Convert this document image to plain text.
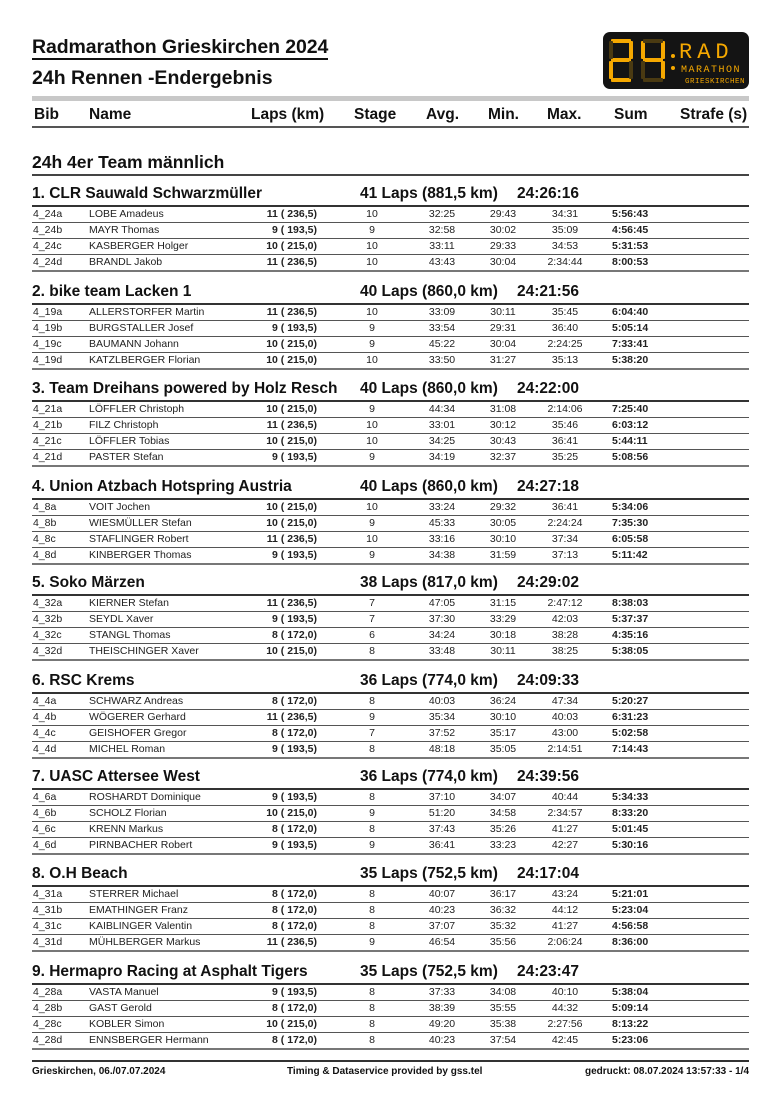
Radmarathon Grieskirchen 2024
24h Rennen -Endergebnis
RAD
MARATHON
GRIESKIRCHEN
Bib Name	Laps (km) Stage Avg. Min. Max. Sum Strafe (s)
24h 4er Team männlich
1. CLR Sauwald Schwarzmüller	41 Laps (881,5 km) 24:26:16
4_24a	LOBE Amadeus	11 ( 236,5)	10	32:25	29:43	34:31	5:56:43
4_24b	MAYR Thomas	9 ( 193,5)	9	32:58	30:02	35:09	4:56:45
4_24c	KASBERGER Holger	10 ( 215,0)	10	33:11	29:33	34:53	5:31:53
4_24d	BRANDL Jakob	11 ( 236,5)	10	43:43	30:04	2:34:44	8:00:53
2. bike team Lacken 1	40 Laps (860,0 km) 24:21:56
4_19a	ALLERSTORFER Martin	11 ( 236,5)	10	33:09	30:11	35:45	6:04:40
4_19b	BURGSTALLER Josef	9 ( 193,5)	9	33:54	29:31	36:40	5:05:14
4_19c	BAUMANN Johann	10 ( 215,0)	9	45:22	30:04	2:24:25	7:33:41
4_19d	KATZLBERGER Florian	10 ( 215,0)	10	33:50	31:27	35:13	5:38:20
3. Team Dreihans powered by Holz Resch 40 Laps (860,0 km) 24:22:00
4_21a	LÖFFLER Christoph	10 ( 215,0)	9	44:34	31:08	2:14:06	7:25:40
4_21b	FILZ Christoph	11 ( 236,5)	10	33:01	30:12	35:46	6:03:12
4_21c	LÖFFLER Tobias	10 ( 215,0)	10	34:25	30:43	36:41	5:44:11
4_21d	PASTER Stefan	9 ( 193,5)	9	34:19	32:37	35:25	5:08:56
4. Union Atzbach Hotspring Austria	40 Laps (860,0 km) 24:27:18
4_8a	VOIT Jochen	10 ( 215,0)	10	33:24	29:32	36:41	5:34:06
4_8b	WIESMÜLLER Stefan	10 ( 215,0)	9	45:33	30:05	2:24:24	7:35:30
4_8c	STAFLINGER Robert	11 ( 236,5)	10	33:16	30:10	37:34	6:05:58
4_8d	KINBERGER Thomas	9 ( 193,5)	9	34:38	31:59	37:13	5:11:42
5. Soko Märzen	38 Laps (817,0 km) 24:29:02
4_32a	KIERNER Stefan	11 ( 236,5)	7	47:05	31:15	2:47:12	8:38:03
4_32b	SEYDL Xaver	9 ( 193,5)	7	37:30	33:29	42:03	5:37:37
4_32c	STANGL Thomas	8 ( 172,0)	6	34:24	30:18	38:28	4:35:16
4_32d	THEISCHINGER Xaver	10 ( 215,0)	8	33:48	30:11	38:25	5:38:05
6. RSC Krems	36 Laps (774,0 km) 24:09:33
4_4a	SCHWARZ Andreas	8 ( 172,0)	8	40:03	36:24	47:34	5:20:27
4_4b	WÖGERER Gerhard	11 ( 236,5)	9	35:34	30:10	40:03	6:31:23
4_4c	GEISHOFER Gregor	8 ( 172,0)	7	37:52	35:17	43:00	5:02:58
4_4d	MICHEL Roman	9 ( 193,5)	8	48:18	35:05	2:14:51	7:14:43
7. UASC Attersee West	36 Laps (774,0 km) 24:39:56
4_6a	ROSHARDT Dominique	9 ( 193,5)	8	37:10	34:07	40:44	5:34:33
4_6b	SCHOLZ Florian	10 ( 215,0)	9	51:20	34:58	2:34:57	8:33:20
4_6c	KRENN Markus	8 ( 172,0)	8	37:43	35:26	41:27	5:01:45
4_6d	PIRNBACHER Robert	9 ( 193,5)	9	36:41	33:23	42:27	5:30:16
8. O.H Beach	35 Laps (752,5 km) 24:17:04
4_31a	STERRER Michael	8 ( 172,0)	8	40:07	36:17	43:24	5:21:01
4_31b	EMATHINGER Franz	8 ( 172,0)	8	40:23	36:32	44:12	5:23:04
4_31c	KAIBLINGER Valentin	8 ( 172,0)	8	37:07	35:32	41:27	4:56:58
4_31d	MÜHLBERGER Markus	11 ( 236,5)	9	46:54	35:56	2:06:24	8:36:00
9. Hermapro Racing at Asphalt Tigers	35 Laps (752,5 km) 24:23:47
4_28a	VASTA Manuel	9 ( 193,5)	8	37:33	34:08	40:10	5:38:04
4_28b	GAST Gerold	8 ( 172,0)	8	38:39	35:55	44:32	5:09:14
4_28c	KOBLER Simon	10 ( 215,0)	8	49:20	35:38	2:27:56	8:13:22
4_28d	ENNSBERGER Hermann	8 ( 172,0)	8	40:23	37:54	42:45	5:23:06
Grieskirchen, 06./07.07.2024	Timing & Dataservice provided by gss.tel	gedruckt: 08.07.2024 13:57:33 - 1/4
